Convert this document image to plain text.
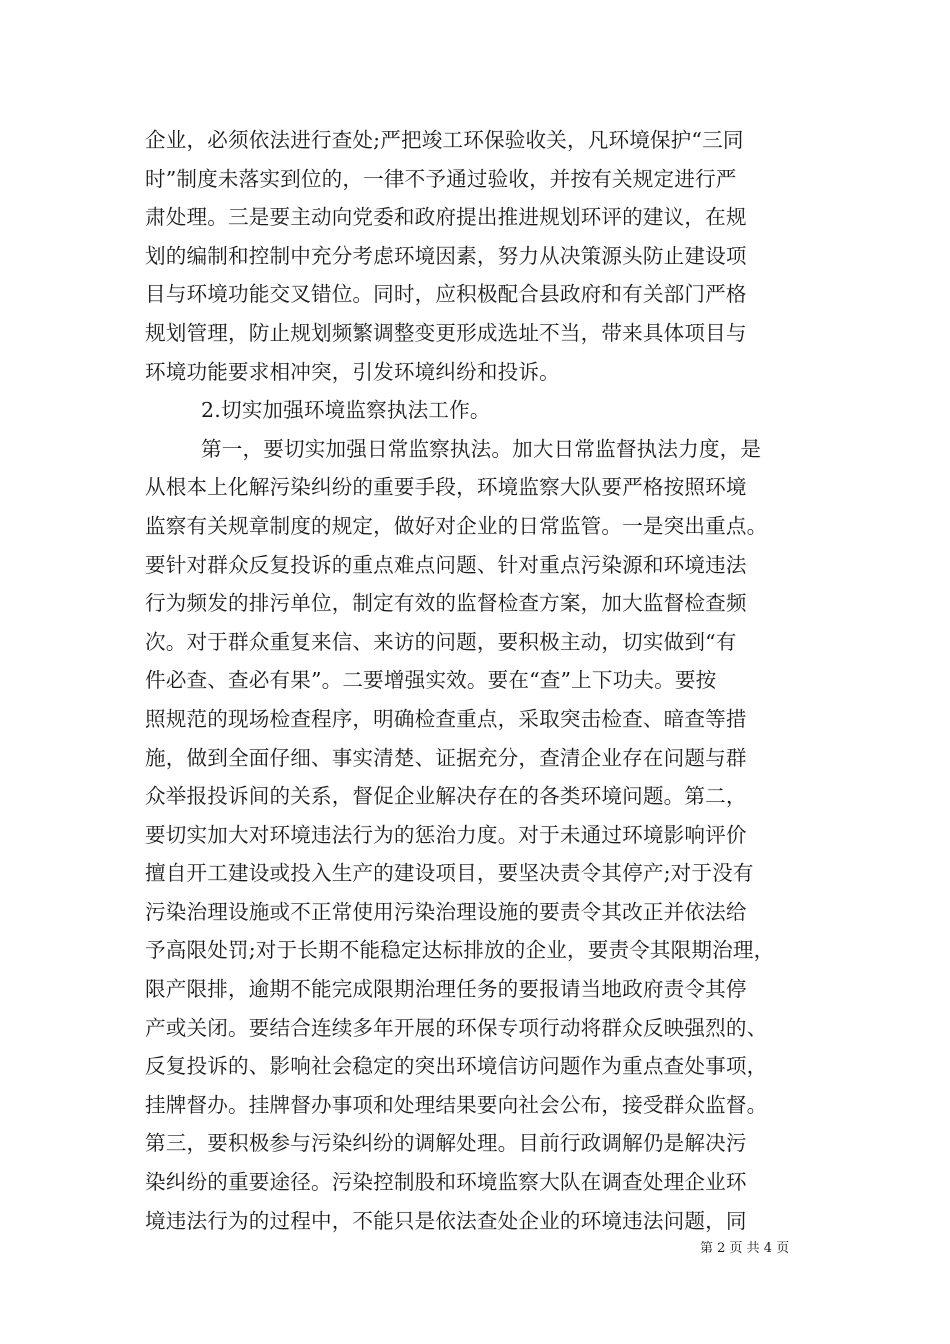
企业，必须依法进行查处;严把竣工环保验收关，凡环境保护“三同
时”制度未落实到位的，一律不予通过验收，并按有关规定进行严
肃处理。三是要主动向党委和政府提出推进规划环评的建议，在规
划的编制和控制中充分考虑环境因素，努力从决策源头防止建设项
目与环境功能交叉错位。同时，应积极配合县政府和有关部门严格
规划管理，防止规划频繁调整变更形成选址不当，带来具体项目与
环境功能要求相冲突，引发环境纠纷和投诉。
2.切实加强环境监察执法工作。
第一，要切实加强日常监察执法。加大日常监督执法力度，是
从根本上化解污染纠纷的重要手段，环境监察大队要严格按照环境
监察有关规章制度的规定，做好对企业的日常监管。一是突出重点。
要针对群众反复投诉的重点难点问题、针对重点污染源和环境违法
行为频发的排污单位，制定有效的监督检查方案，加大监督检查频
次。对于群众重复来信、来访的问题，要积极主动，切实做到“有
件必查、查必有果”。二要增强实效。要在“查”上下功夫。要按
照规范的现场检查程序，明确检查重点，采取突击检查、暗查等措
施，做到全面仔细、事实清楚、证据充分，查清企业存在问题与群
众举报投诉间的关系，督促企业解决存在的各类环境问题。第二，
要切实加大对环境违法行为的惩治力度。对于未通过环境影响评价
擅自开工建设或投入生产的建设项目，要坚决责令其停产;对于没有
污染治理设施或不正常使用污染治理设施的要责令其改正并依法给
予高限处罚;对于长期不能稳定达标排放的企业，要责令其限期治理，
限产限排，逾期不能完成限期治理任务的要报请当地政府责令其停
产或关闭。要结合连续多年开展的环保专项行动将群众反映强烈的、
反复投诉的、影响社会稳定的突出环境信访问题作为重点查处事项，
挂牌督办。挂牌督办事项和处理结果要向社会公布，接受群众监督。
第三，要积极参与污染纠纷的调解处理。目前行政调解仍是解决污
染纠纷的重要途径。污染控制股和环境监察大队在调查处理企业环
境违法行为的过程中，不能只是依法查处企业的环境违法问题，同
第 2 页 共 4 页
